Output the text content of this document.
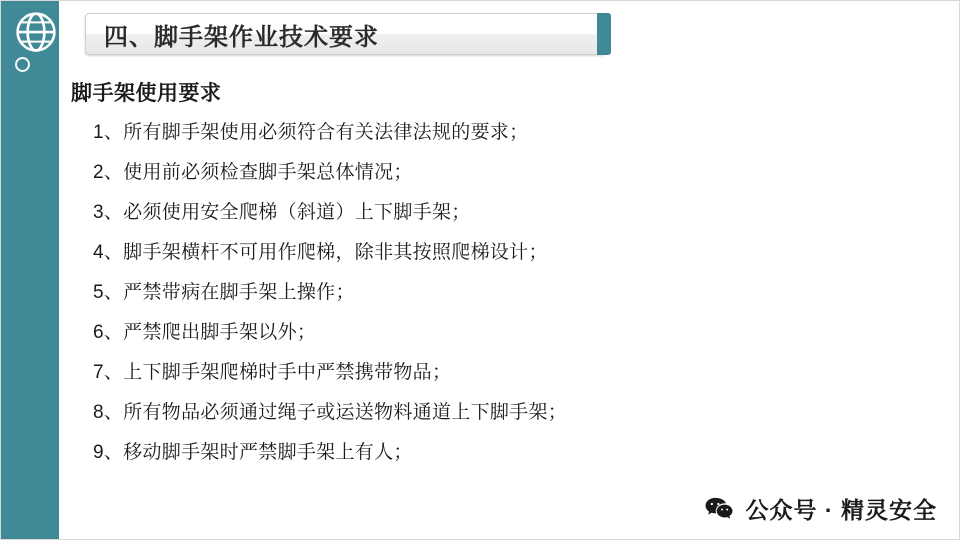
四、脚手架作业技术要求
脚手架使用要求
1、所有脚手架使用必须符合有关法律法规的要求；
2、使用前必须检查脚手架总体情况；
3、必须使用安全爬梯（斜道）上下脚手架；
4、脚手架横杆不可用作爬梯，除非其按照爬梯设计；
5、严禁带病在脚手架上操作；
6、严禁爬出脚手架以外；
7、上下脚手架爬梯时手中严禁携带物品；
8、所有物品必须通过绳子或运送物料通道上下脚手架；
9、移动脚手架时严禁脚手架上有人；
公众号 · 精灵安全
